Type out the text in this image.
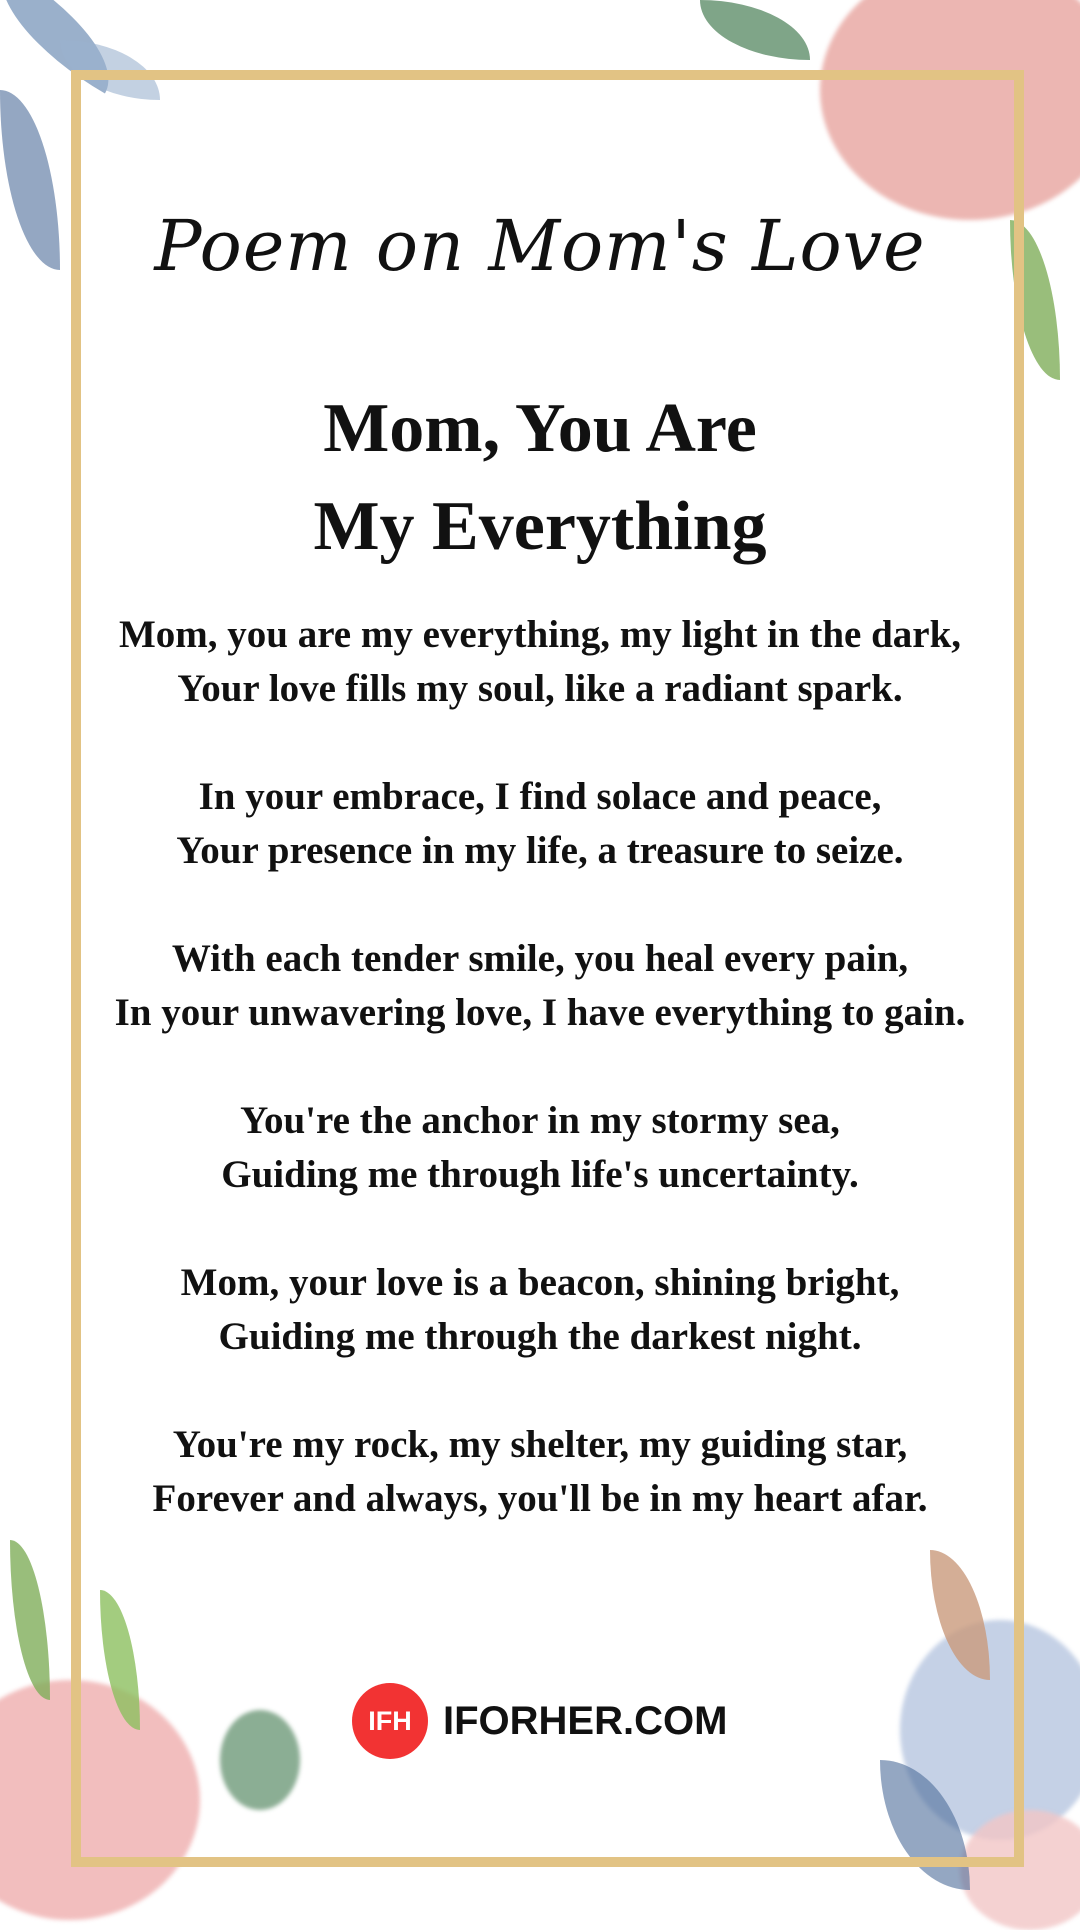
Poem on Mom's Love
Mom, You Are
My Everything
Mom, you are my everything, my light in the dark,
Your love fills my soul, like a radiant spark.
In your embrace, I find solace and peace,
Your presence in my life, a treasure to seize.
With each tender smile, you heal every pain,
In your unwavering love, I have everything to gain.
You're the anchor in my stormy sea,
Guiding me through life's uncertainty.
Mom, your love is a beacon, shining bright,
Guiding me through the darkest night.
You're my rock, my shelter, my guiding star,
Forever and always, you'll be in my heart afar.
IFH IFORHER.COM
